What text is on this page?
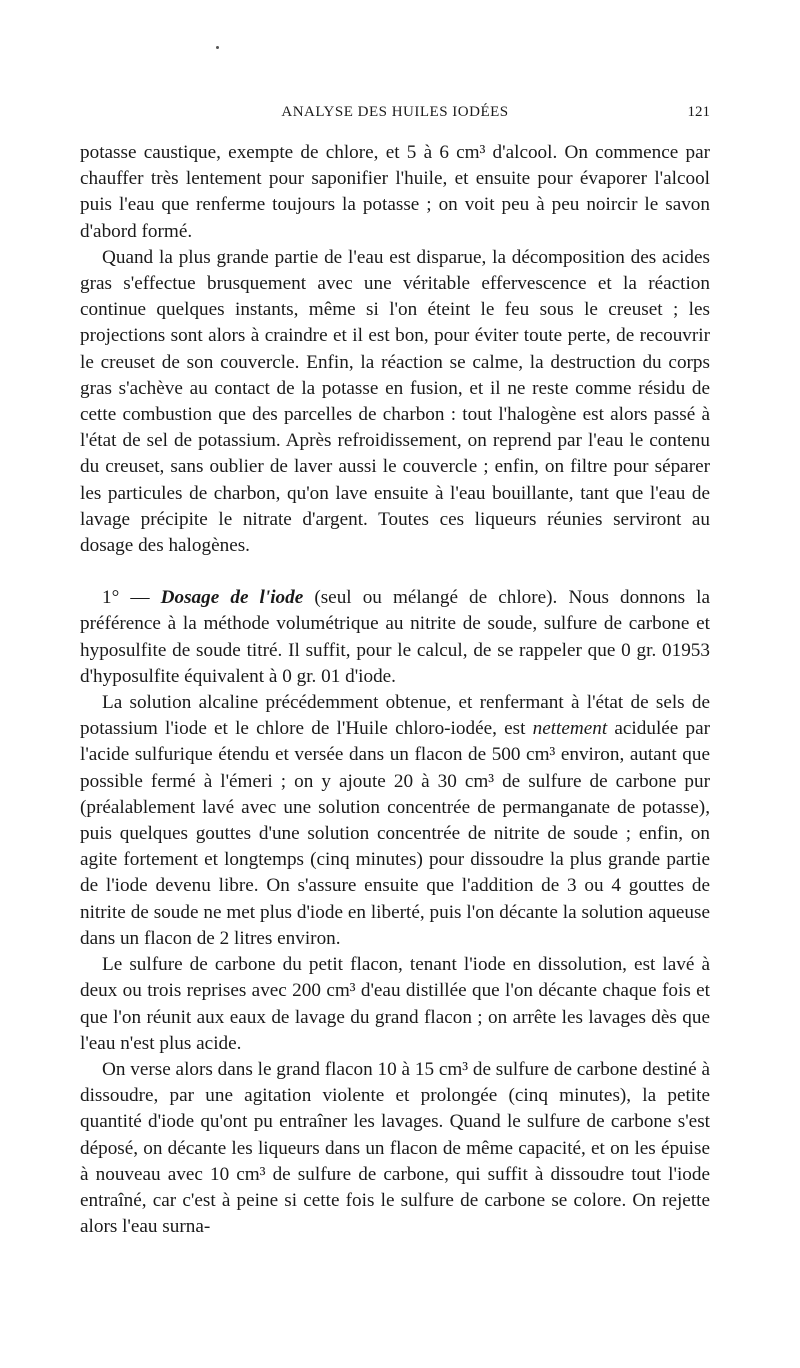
ANALYSE DES HUILES IODÉES	121

potasse caustique, exempte de chlore, et 5 à 6 cm³ d'alcool. On commence par chauffer très lentement pour saponifier l'huile, et ensuite pour évaporer l'alcool puis l'eau que renferme toujours la potasse ; on voit peu à peu noircir le savon d'abord formé.

Quand la plus grande partie de l'eau est disparue, la décomposition des acides gras s'effectue brusquement avec une véritable effervescence et la réaction continue quelques instants, même si l'on éteint le feu sous le creuset ; les projections sont alors à craindre et il est bon, pour éviter toute perte, de recouvrir le creuset de son couvercle. Enfin, la réaction se calme, la destruction du corps gras s'achève au contact de la potasse en fusion, et il ne reste comme résidu de cette combustion que des parcelles de charbon : tout l'halogène est alors passé à l'état de sel de potassium. Après refroidissement, on reprend par l'eau le contenu du creuset, sans oublier de laver aussi le couvercle ; enfin, on filtre pour séparer les particules de charbon, qu'on lave ensuite à l'eau bouillante, tant que l'eau de lavage précipite le nitrate d'argent. Toutes ces liqueurs réunies serviront au dosage des halogènes.

1° — Dosage de l'iode (seul ou mélangé de chlore). Nous donnons la préférence à la méthode volumétrique au nitrite de soude, sulfure de carbone et hyposulfite de soude titré. Il suffit, pour le calcul, de se rappeler que 0 gr. 01953 d'hyposulfite équivalent à 0 gr. 01 d'iode.

La solution alcaline précédemment obtenue, et renfermant à l'état de sels de potassium l'iode et le chlore de l'Huile chloro-iodée, est nettement acidulée par l'acide sulfurique étendu et versée dans un flacon de 500 cm³ environ, autant que possible fermé à l'émeri ; on y ajoute 20 à 30 cm³ de sulfure de carbone pur (préalablement lavé avec une solution concentrée de permanganate de potasse), puis quelques gouttes d'une solution concentrée de nitrite de soude ; enfin, on agite fortement et longtemps (cinq minutes) pour dissoudre la plus grande partie de l'iode devenu libre. On s'assure ensuite que l'addition de 3 ou 4 gouttes de nitrite de soude ne met plus d'iode en liberté, puis l'on décante la solution aqueuse dans un flacon de 2 litres environ.

Le sulfure de carbone du petit flacon, tenant l'iode en dissolution, est lavé à deux ou trois reprises avec 200 cm³ d'eau distillée que l'on décante chaque fois et que l'on réunit aux eaux de lavage du grand flacon ; on arrête les lavages dès que l'eau n'est plus acide.

On verse alors dans le grand flacon 10 à 15 cm³ de sulfure de carbone destiné à dissoudre, par une agitation violente et prolongée (cinq minutes), la petite quantité d'iode qu'ont pu entraîner les lavages. Quand le sulfure de carbone s'est déposé, on décante les liqueurs dans un flacon de même capacité, et on les épuise à nouveau avec 10 cm³ de sulfure de carbone, qui suffit à dissoudre tout l'iode entraîné, car c'est à peine si cette fois le sulfure de carbone se colore. On rejette alors l'eau surna-
